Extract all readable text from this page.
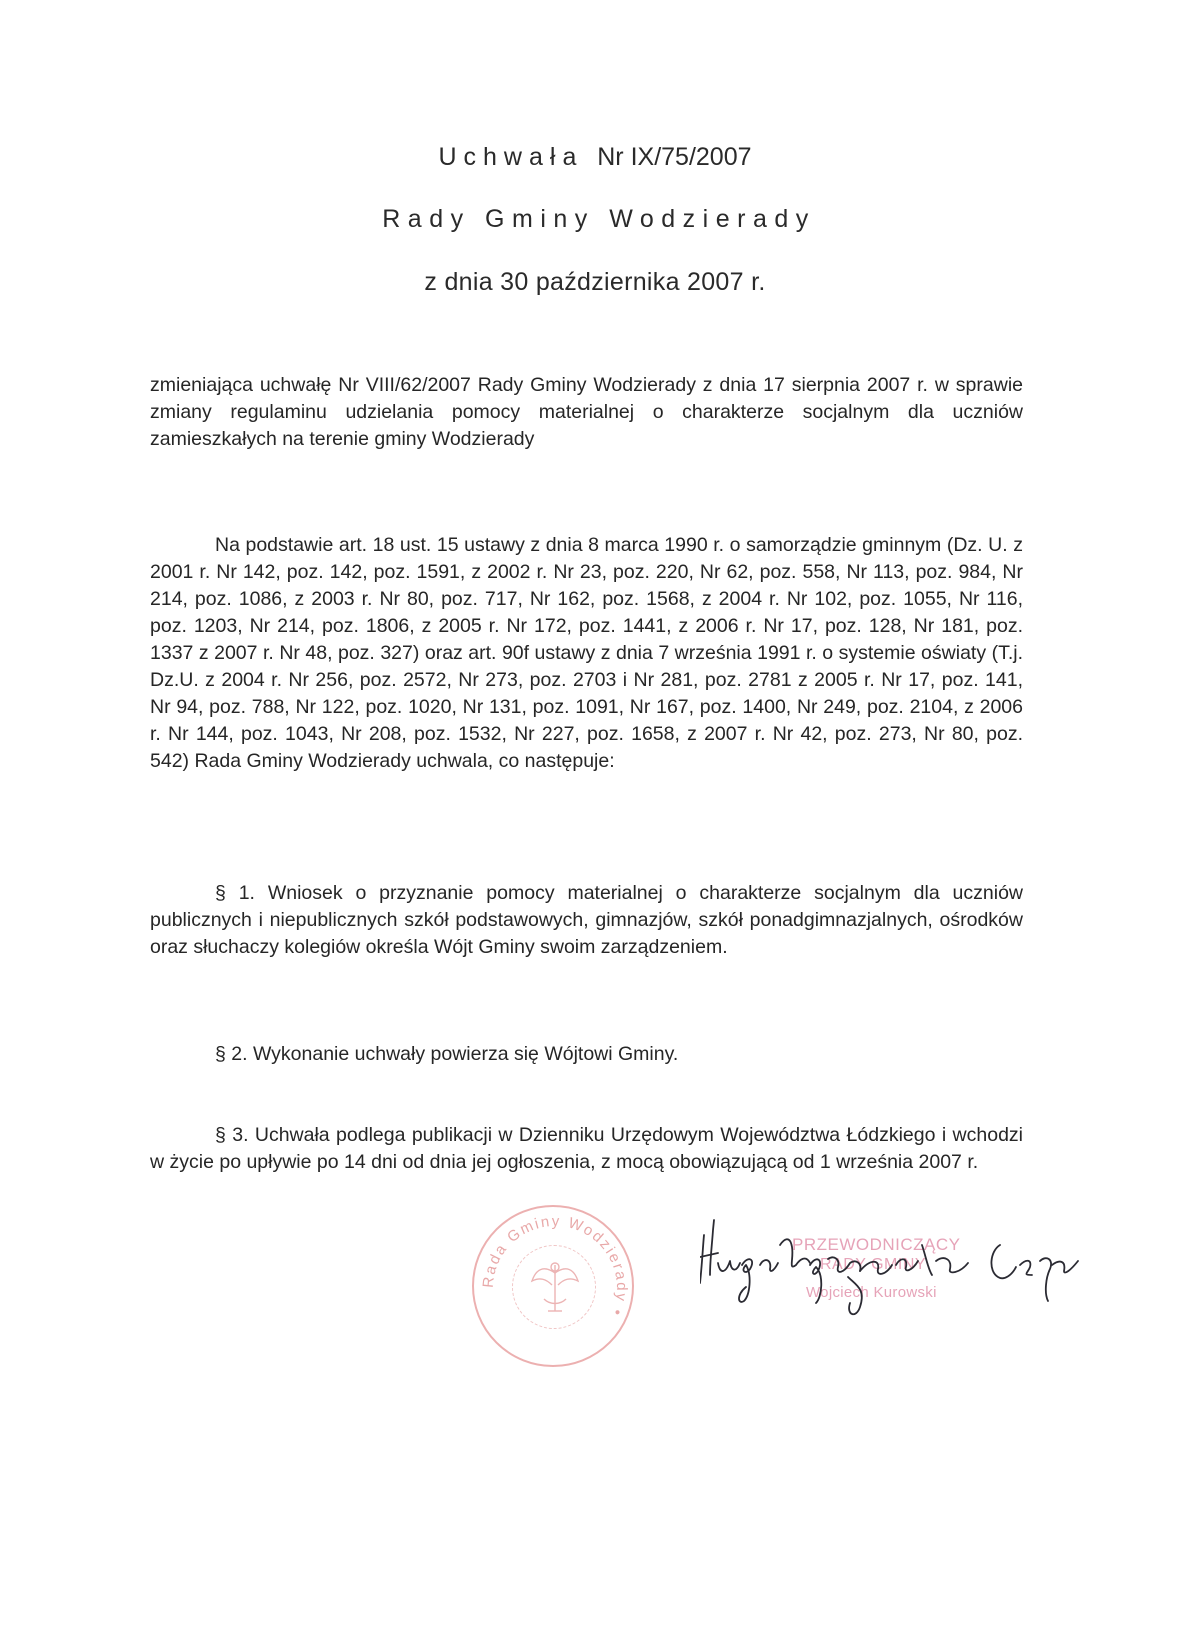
Uchwała Nr IX/75/2007
Rady Gminy Wodzierady
z dnia 30 października 2007 r.

zmieniająca uchwałę Nr VIII/62/2007 Rady Gminy Wodzierady z dnia 17 sierpnia 2007 r. w sprawie zmiany regulaminu udzielania pomocy materialnej o charakterze socjalnym dla uczniów zamieszkałych na terenie gminy Wodzierady

Na podstawie art. 18 ust. 15 ustawy z dnia 8 marca 1990 r. o samorządzie gminnym (Dz. U. z 2001 r. Nr 142, poz. 142, poz. 1591, z 2002 r. Nr 23, poz. 220, Nr 62, poz. 558, Nr 113, poz. 984, Nr 214, poz. 1086, z 2003 r. Nr 80, poz. 717, Nr 162, poz. 1568, z 2004 r. Nr 102, poz. 1055, Nr 116, poz. 1203, Nr 214, poz. 1806, z 2005 r. Nr 172, poz. 1441, z 2006 r. Nr 17, poz. 128, Nr 181, poz. 1337 z 2007 r. Nr 48, poz. 327) oraz art. 90f ustawy z dnia 7 września 1991 r. o systemie oświaty (T.j. Dz.U. z 2004 r. Nr 256, poz. 2572, Nr 273, poz. 2703 i Nr 281, poz. 2781 z 2005 r. Nr 17, poz. 141, Nr 94, poz. 788, Nr 122, poz. 1020, Nr 131, poz. 1091, Nr 167, poz. 1400, Nr 249, poz. 2104, z 2006 r. Nr 144, poz. 1043, Nr 208, poz. 1532, Nr 227, poz. 1658, z 2007 r. Nr 42, poz. 273, Nr 80, poz. 542) Rada Gminy Wodzierady uchwala, co następuje:

§ 1. Wniosek o przyznanie pomocy materialnej o charakterze socjalnym dla uczniów publicznych i niepublicznych szkół podstawowych, gimnazjów, szkół ponadgimnazjalnych, ośrodków oraz słuchaczy kolegiów określa Wójt Gminy swoim zarządzeniem.

§ 2. Wykonanie uchwały powierza się Wójtowi Gminy.

§ 3. Uchwała podlega publikacji w Dzienniku Urzędowym Województwa Łódzkiego i wchodzi w życie po upływie po 14 dni od dnia jej ogłoszenia, z mocą obowiązującą od 1 września 2007 r.

Rada Gminy Wodzierady •
PRZEWODNICZĄCY
RADY GMINY
Wojciech Kurowski
